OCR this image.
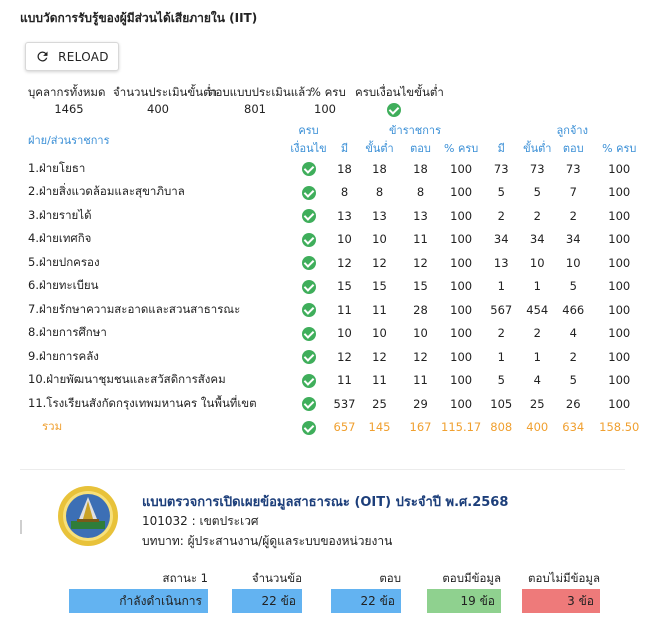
แบบวัดการรับรู้ของผู้มีส่วนได้เสียภายใน (IIT)
RELOAD
บุคลากรทั้งหมด
1465
จำนวนประเมินขั้นต่ำ
400
ตอบแบบประเมินแล้ว
801
% ครบ
100
ครบเงื่อนไขขั้นต่ำ
	ครบ		ข้าราชการ				ลูกจ้าง		
ฝ่าย/ส่วนราชการ	เงื่อนไข	มี	ขั้นต่ำ	ตอบ	% ครบ	มี	ขั้นต่ำ	ตอบ	% ครบ
1.ฝ่ายโยธา		18	18	18	100	73	73	73	100
2.ฝ่ายสิ่งแวดล้อมและสุขาภิบาล		8	8	8	100	5	5	7	100
3.ฝ่ายรายได้		13	13	13	100	2	2	2	100
4.ฝ่ายเทศกิจ		10	10	11	100	34	34	34	100
5.ฝ่ายปกครอง		12	12	12	100	13	10	10	100
6.ฝ่ายทะเบียน		15	15	15	100	1	1	5	100
7.ฝ่ายรักษาความสะอาดและสวนสาธารณะ		11	11	28	100	567	454	466	100
8.ฝ่ายการศึกษา		10	10	10	100	2	2	4	100
9.ฝ่ายการคลัง		12	12	12	100	1	1	2	100
10.ฝ่ายพัฒนาชุมชนและสวัสดิการสังคม		11	11	11	100	5	4	5	100
11.โรงเรียนสังกัดกรุงเทพมหานคร ในพื้นที่เขต		537	25	29	100	105	25	26	100
รวม		657	145	167	115.17	808	400	634	158.50
แบบตรวจการเปิดเผยข้อมูลสาธารณะ (OIT) ประจำปี พ.ศ.2568
101032 : เขตประเวศ
บทบาท: ผู้ประสานงาน/ผู้ดูแลระบบของหน่วยงาน
สถานะ 1	จำนวนข้อ	ตอบ	ตอบมีข้อมูล	ตอบไม่มีข้อมูล
กำลังดำเนินการ	22 ข้อ	22 ข้อ	19 ข้อ	3 ข้อ
